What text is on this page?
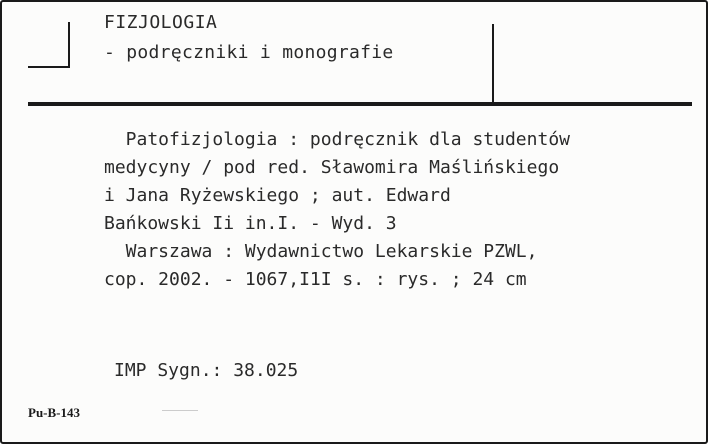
FIZJOLOGIA
- podręczniki i monografie
Patofizjologia : podręcznik dla studentów
medycyny / pod red. Sławomira Maślińskiego
i Jana Ryżewskiego ; aut. Edward
Bańkowski Ii in.I. - Wyd. 3
Warszawa : Wydawnictwo Lekarskie PZWL,
cop. 2002. - 1067,I1I s. : rys. ; 24 cm
IMP Sygn.: 38.025
Pu-B-143
